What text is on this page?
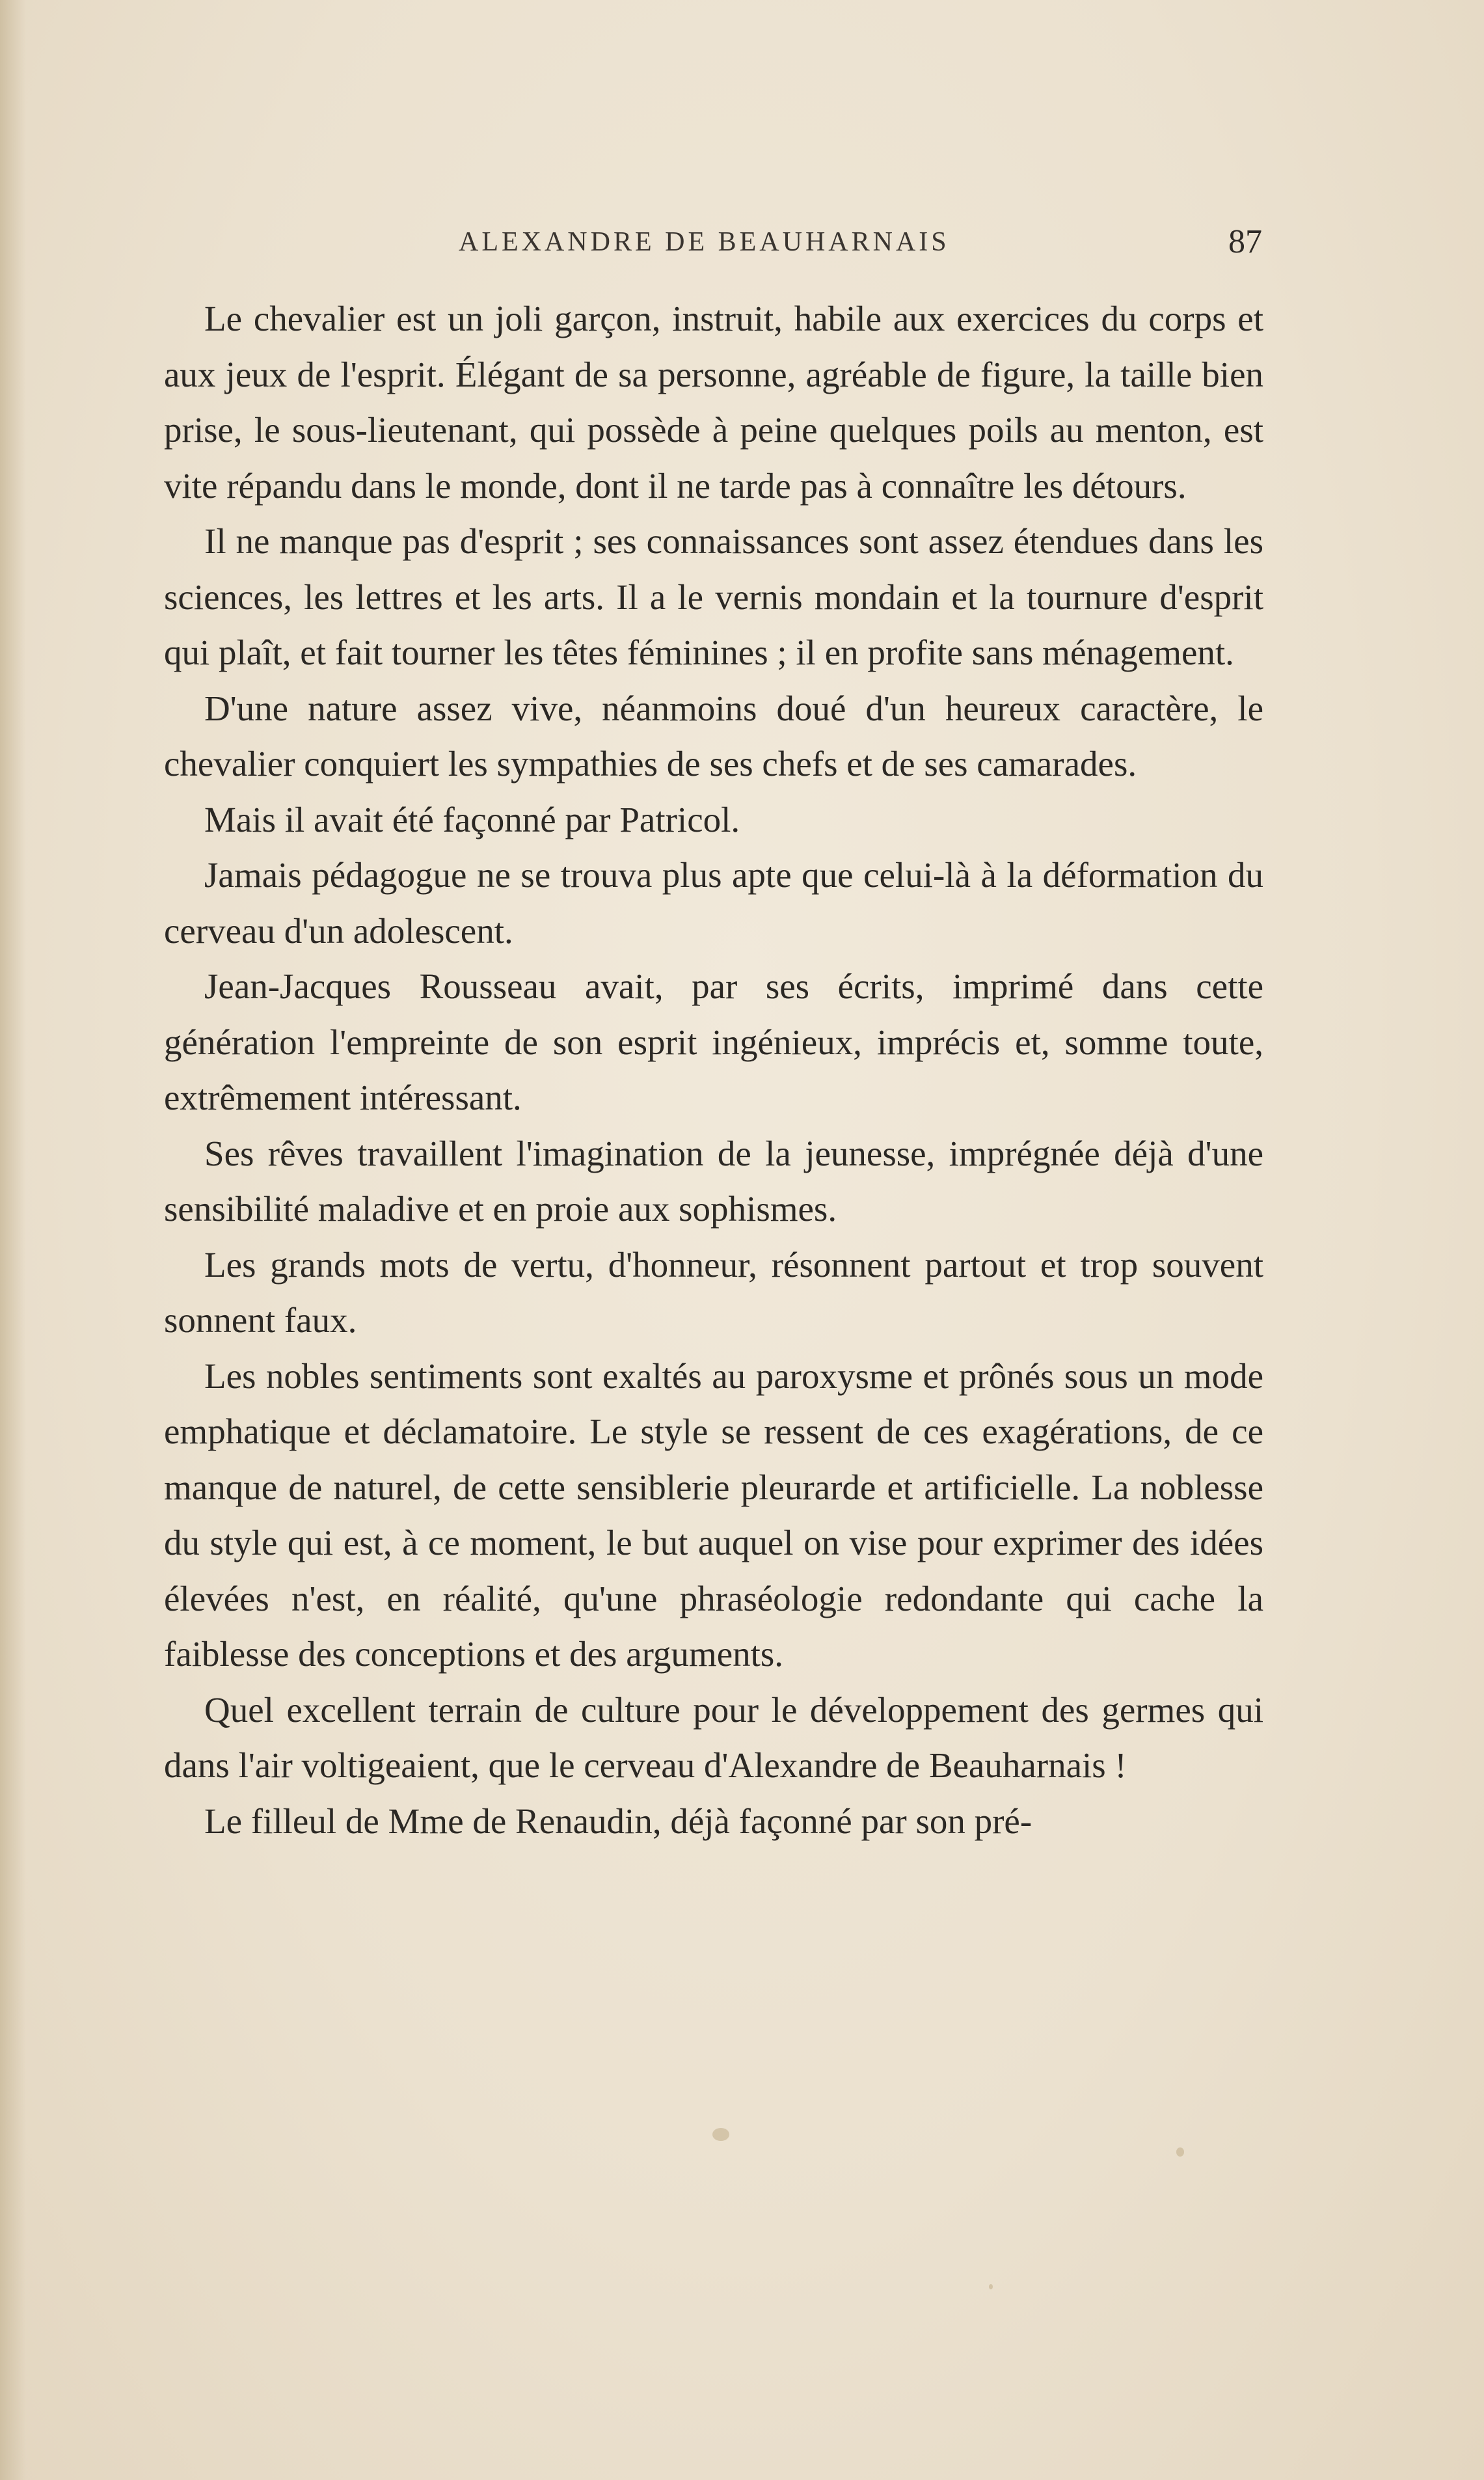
ALEXANDRE DE BEAUHARNAIS	87

Le chevalier est un joli garçon, instruit, habile aux exercices du corps et aux jeux de l'esprit. Élégant de sa personne, agréable de figure, la taille bien prise, le sous-lieutenant, qui possède à peine quelques poils au menton, est vite répandu dans le monde, dont il ne tarde pas à connaître les détours.

Il ne manque pas d'esprit ; ses connaissances sont assez étendues dans les sciences, les lettres et les arts. Il a le vernis mondain et la tournure d'esprit qui plaît, et fait tourner les têtes féminines ; il en profite sans ménagement.

D'une nature assez vive, néanmoins doué d'un heureux caractère, le chevalier conquiert les sympathies de ses chefs et de ses camarades.

Mais il avait été façonné par Patricol.

Jamais pédagogue ne se trouva plus apte que celui-là à la déformation du cerveau d'un adolescent.

Jean-Jacques Rousseau avait, par ses écrits, imprimé dans cette génération l'empreinte de son esprit ingénieux, imprécis et, somme toute, extrêmement intéressant.

Ses rêves travaillent l'imagination de la jeunesse, imprégnée déjà d'une sensibilité maladive et en proie aux sophismes.

Les grands mots de vertu, d'honneur, résonnent partout et trop souvent sonnent faux.

Les nobles sentiments sont exaltés au paroxysme et prônés sous un mode emphatique et déclamatoire. Le style se ressent de ces exagérations, de ce manque de naturel, de cette sensiblerie pleurarde et artificielle. La noblesse du style qui est, à ce moment, le but auquel on vise pour exprimer des idées élevées n'est, en réalité, qu'une phraséologie redondante qui cache la faiblesse des conceptions et des arguments.

Quel excellent terrain de culture pour le développement des germes qui dans l'air voltigeaient, que le cerveau d'Alexandre de Beauharnais !

Le filleul de Mme de Renaudin, déjà façonné par son pré-
